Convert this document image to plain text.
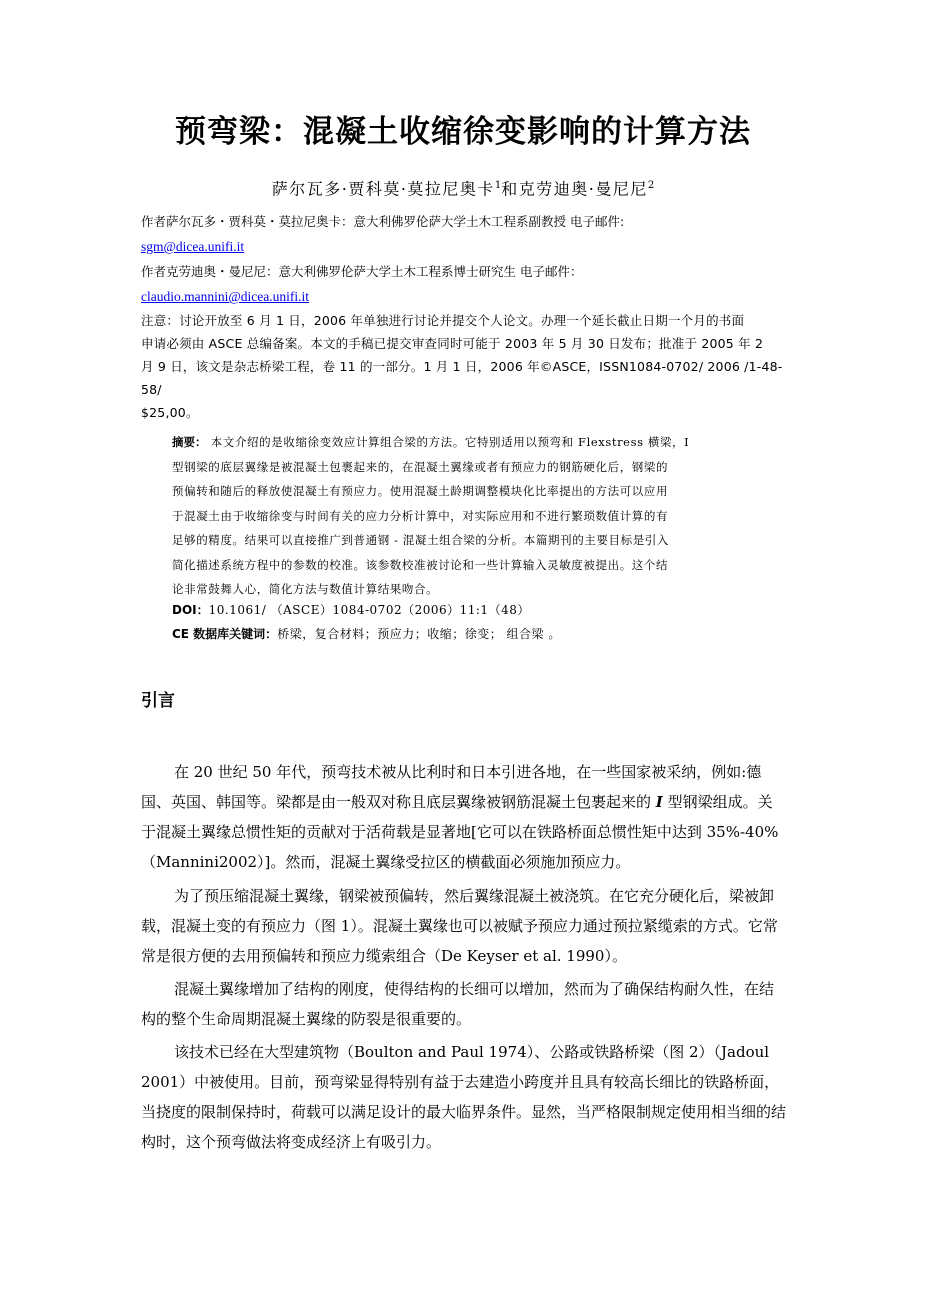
预弯梁：混凝土收缩徐变影响的计算方法
萨尔瓦多·贾科莫·莫拉尼奥卡$^1$和克劳迪奥·曼尼尼$^2$
作者萨尔瓦多・贾科莫・莫拉尼奥卡：意大利佛罗伦萨大学土木工程系副教授 电子邮件:
sgm@dicea.unifi.it
作者克劳迪奥・曼尼尼：意大利佛罗伦萨大学土木工程系博士研究生 电子邮件：
claudio.mannini@dicea.unifi.it
注意：讨论开放至 6 月 1 日，2006 年单独进行讨论并提交个人论文。办理一个延长截止日期一个月的书面
申请必须由 ASCE 总编备案。本文的手稿已提交审查同时可能于 2003 年 5 月 30 日发布；批准于 2005 年 2
月 9 日，该文是杂志桥梁工程，卷 11 的一部分。1 月 1 日，2006 年©ASCE，ISSN1084-0702/ 2006 /1-48-58/
$25,00。
摘要： 本文介绍的是收缩徐变效应计算组合梁的方法。它特别适用以预弯和 Flexstress 横梁，I
型钢梁的底层翼缘是被混凝土包裹起来的，在混凝土翼缘或者有预应力的钢筋硬化后，钢梁的
预偏转和随后的释放使混凝土有预应力。使用混凝土龄期调整模块化比率提出的方法可以应用
于混凝土由于收缩徐变与时间有关的应力分析计算中，对实际应用和不进行繁琐数值计算的有
足够的精度。结果可以直接推广到普通钢 - 混凝土组合梁的分析。本篇期刊的主要目标是引入
简化描述系统方程中的参数的校准。该参数校准被讨论和一些计算输入灵敏度被提出。这个结
论非常鼓舞人心，简化方法与数值计算结果吻合。
DOI：10.1061/ （ASCE）1084-0702（2006）11:1（48）
CE 数据库关键词：桥梁，复合材料；预应力；收缩；徐变； 组合梁 。
引言

在 20 世纪 50 年代，预弯技术被从比利时和日本引进各地，在一些国家被采纳，例如:德国、英国、韩国等。梁都是由一般双对称且底层翼缘被钢筋混凝土包裹起来的 I 型钢梁组成。关于混凝土翼缘总惯性矩的贡献对于活荷载是显著地[它可以在铁路桥面总惯性矩中达到 35%-40%（Mannini2002）]。然而，混凝土翼缘受拉区的横截面必须施加预应力。

为了预压缩混凝土翼缘，钢梁被预偏转，然后翼缘混凝土被浇筑。在它充分硬化后，梁被卸载，混凝土变的有预应力（图 1）。混凝土翼缘也可以被赋予预应力通过预拉紧缆索的方式。它常常是很方便的去用预偏转和预应力缆索组合（De Keyser et al. 1990）。

混凝土翼缘增加了结构的刚度，使得结构的长细可以增加，然而为了确保结构耐久性，在结构的整个生命周期混凝土翼缘的防裂是很重要的。

该技术已经在大型建筑物（Boulton and Paul 1974）、公路或铁路桥梁（图 2）（Jadoul 2001）中被使用。目前，预弯梁显得特别有益于去建造小跨度并且具有较高长细比的铁路桥面，当挠度的限制保持时，荷载可以满足设计的最大临界条件。显然，当严格限制规定使用相当细的结构时，这个预弯做法将变成经济上有吸引力。
